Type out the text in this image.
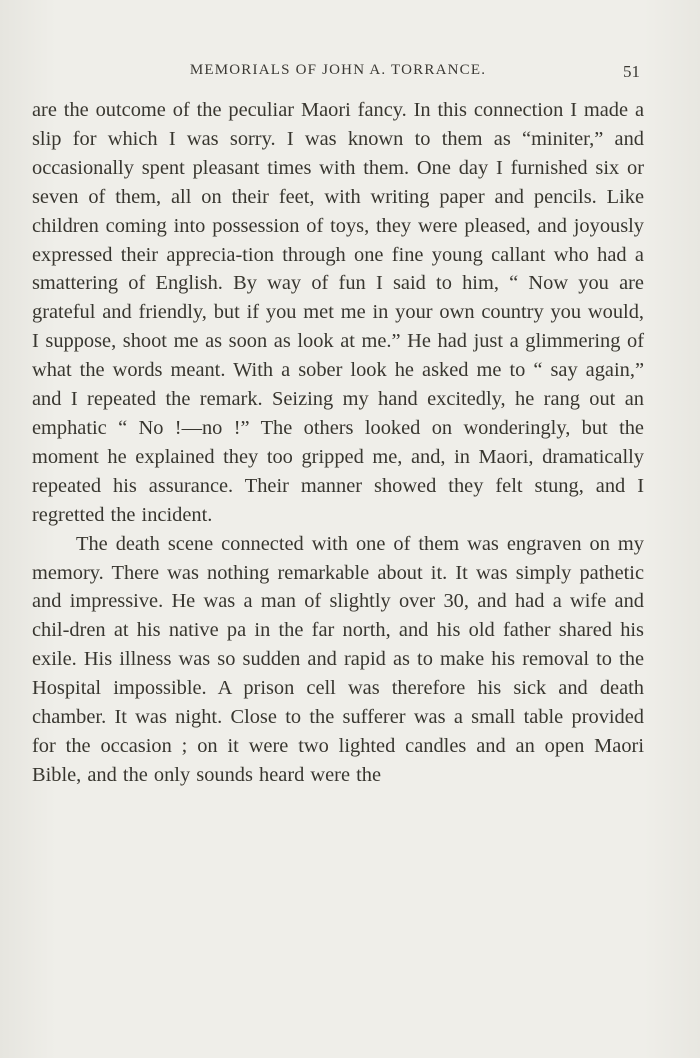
MEMORIALS OF JOHN A. TORRANCE.	51

are the outcome of the peculiar Maori fancy. In this connection I made a slip for which I was sorry. I was known to them as “miniter,” and occasionally spent pleasant times with them. One day I furnished six or seven of them, all on their feet, with writing paper and pencils. Like children coming into possession of toys, they were pleased, and joyously expressed their apprecia-tion through one fine young callant who had a smattering of English. By way of fun I said to him, “ Now you are grateful and friendly, but if you met me in your own country you would, I suppose, shoot me as soon as look at me.” He had just a glimmering of what the words meant. With a sober look he asked me to “ say again,” and I repeated the remark. Seizing my hand excitedly, he rang out an emphatic “ No !—no !” The others looked on wonderingly, but the moment he explained they too gripped me, and, in Maori, dramatically repeated his assurance. Their manner showed they felt stung, and I regretted the incident.

The death scene connected with one of them was engraven on my memory. There was nothing remarkable about it. It was simply pathetic and impressive. He was a man of slightly over 30, and had a wife and chil-dren at his native pa in the far north, and his old father shared his exile. His illness was so sudden and rapid as to make his removal to the Hospital impossible. A prison cell was therefore his sick and death chamber. It was night. Close to the sufferer was a small table provided for the occasion ; on it were two lighted candles and an open Maori Bible, and the only sounds heard were the
